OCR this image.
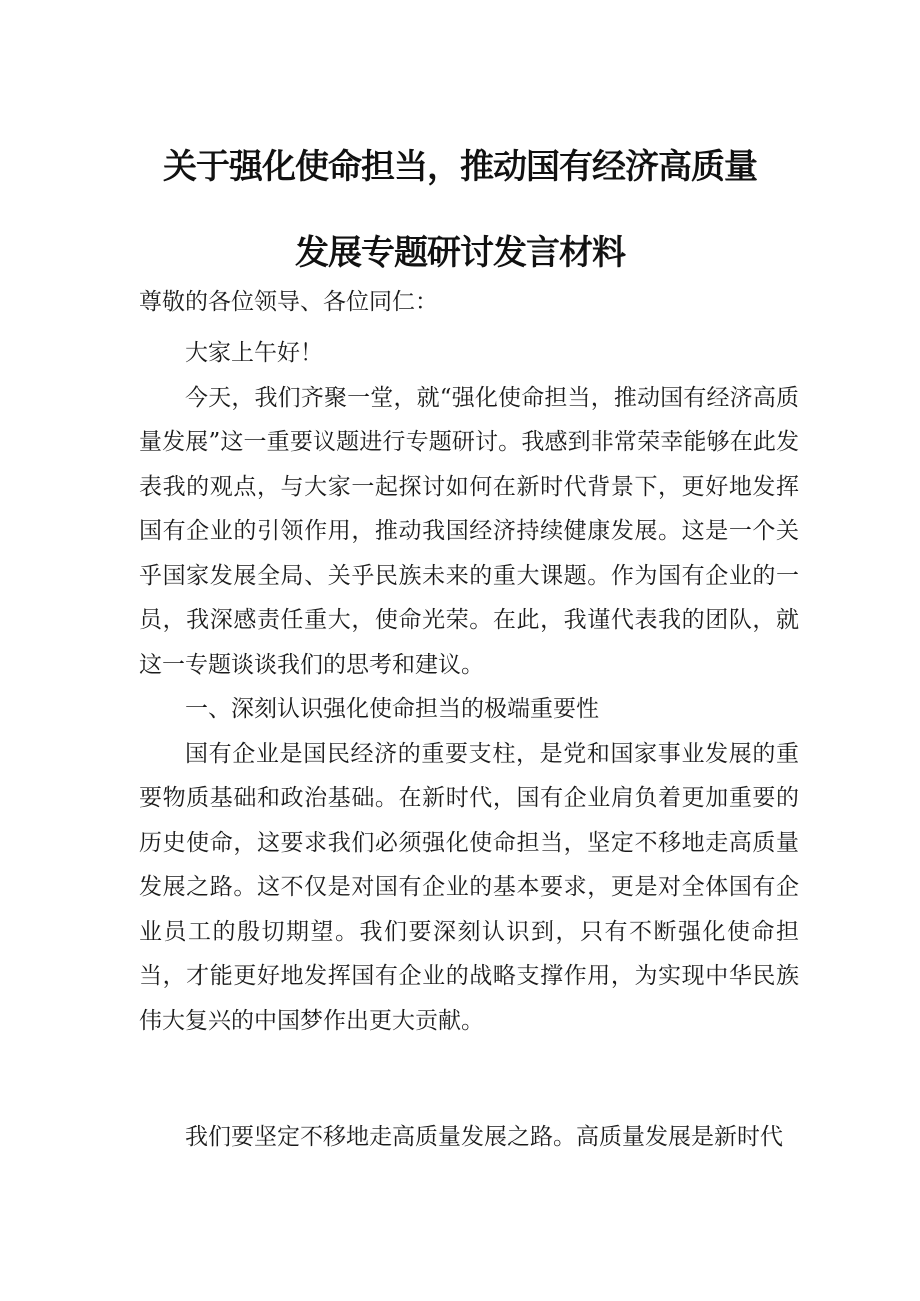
关于强化使命担当，推动国有经济高质量
发展专题研讨发言材料
尊敬的各位领导、各位同仁：

大家上午好！

今天，我们齐聚一堂，就“强化使命担当，推动国有经济高质量发展”这一重要议题进行专题研讨。我感到非常荣幸能够在此发表我的观点，与大家一起探讨如何在新时代背景下，更好地发挥国有企业的引领作用，推动我国经济持续健康发展。这是一个关乎国家发展全局、关乎民族未来的重大课题。作为国有企业的一员，我深感责任重大，使命光荣。在此，我谨代表我的团队，就这一专题谈谈我们的思考和建议。

一、深刻认识强化使命担当的极端重要性

国有企业是国民经济的重要支柱，是党和国家事业发展的重要物质基础和政治基础。在新时代，国有企业肩负着更加重要的历史使命，这要求我们必须强化使命担当，坚定不移地走高质量发展之路。这不仅是对国有企业的基本要求，更是对全体国有企业员工的殷切期望。我们要深刻认识到，只有不断强化使命担当，才能更好地发挥国有企业的战略支撑作用，为实现中华民族伟大复兴的中国梦作出更大贡献。

我们要坚定不移地走高质量发展之路。高质量发展是新时代
